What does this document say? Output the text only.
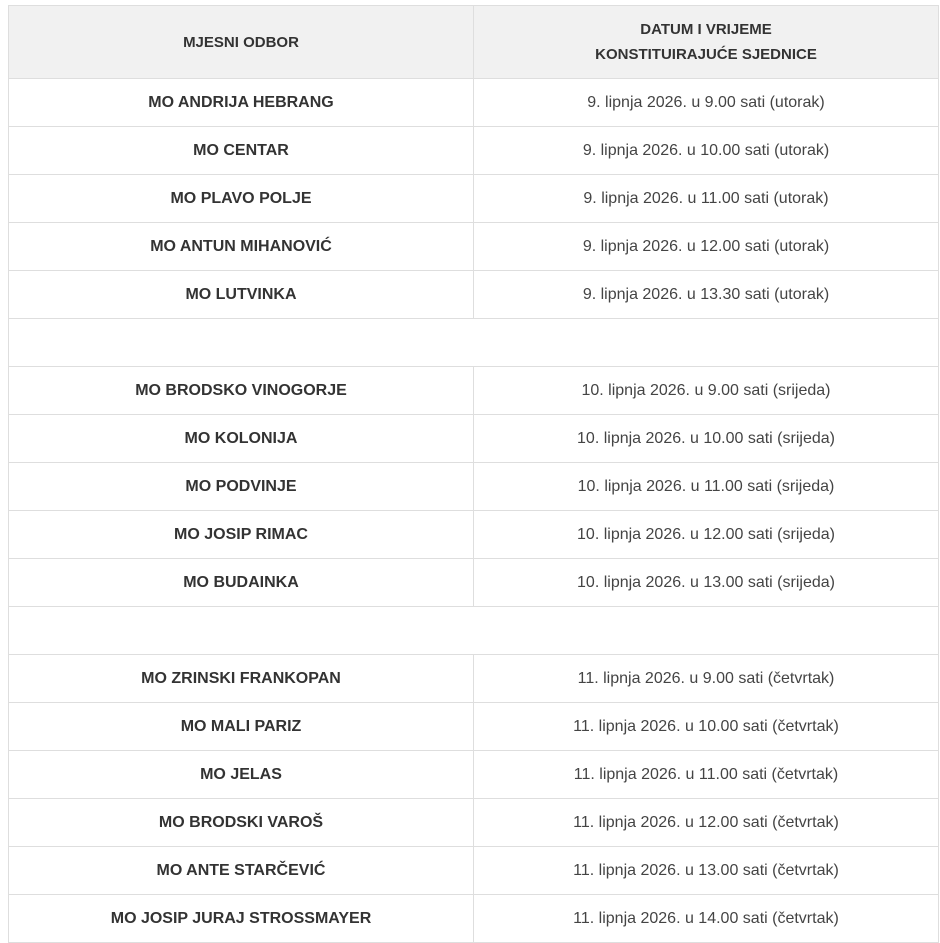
MJESNI ODBOR	DATUM I VRIJEME
KONSTITUIRAJUĆE SJEDNICE
MO ANDRIJA HEBRANG	9. lipnja 2026. u 9.00 sati (utorak)
MO CENTAR	9. lipnja 2026. u 10.00 sati (utorak)
MO PLAVO POLJE	9. lipnja 2026. u 11.00 sati (utorak)
MO ANTUN MIHANOVIĆ	9. lipnja 2026. u 12.00 sati (utorak)
MO LUTVINKA	9. lipnja 2026. u 13.30 sati (utorak)

MO BRODSKO VINOGORJE	10. lipnja 2026. u 9.00 sati (srijeda)
MO KOLONIJA	10. lipnja 2026. u 10.00 sati (srijeda)
MO PODVINJE	10. lipnja 2026. u 11.00 sati (srijeda)
MO JOSIP RIMAC	10. lipnja 2026. u 12.00 sati (srijeda)
MO BUDAINKA	10. lipnja 2026. u 13.00 sati (srijeda)

MO ZRINSKI FRANKOPAN	11. lipnja 2026. u 9.00 sati (četvrtak)
MO MALI PARIZ	11. lipnja 2026. u 10.00 sati (četvrtak)
MO JELAS	11. lipnja 2026. u 11.00 sati (četvrtak)
MO BRODSKI VAROŠ	11. lipnja 2026. u 12.00 sati (četvrtak)
MO ANTE STARČEVIĆ	11. lipnja 2026. u 13.00 sati (četvrtak)
MO JOSIP JURAJ STROSSMAYER	11. lipnja 2026. u 14.00 sati (četvrtak)
